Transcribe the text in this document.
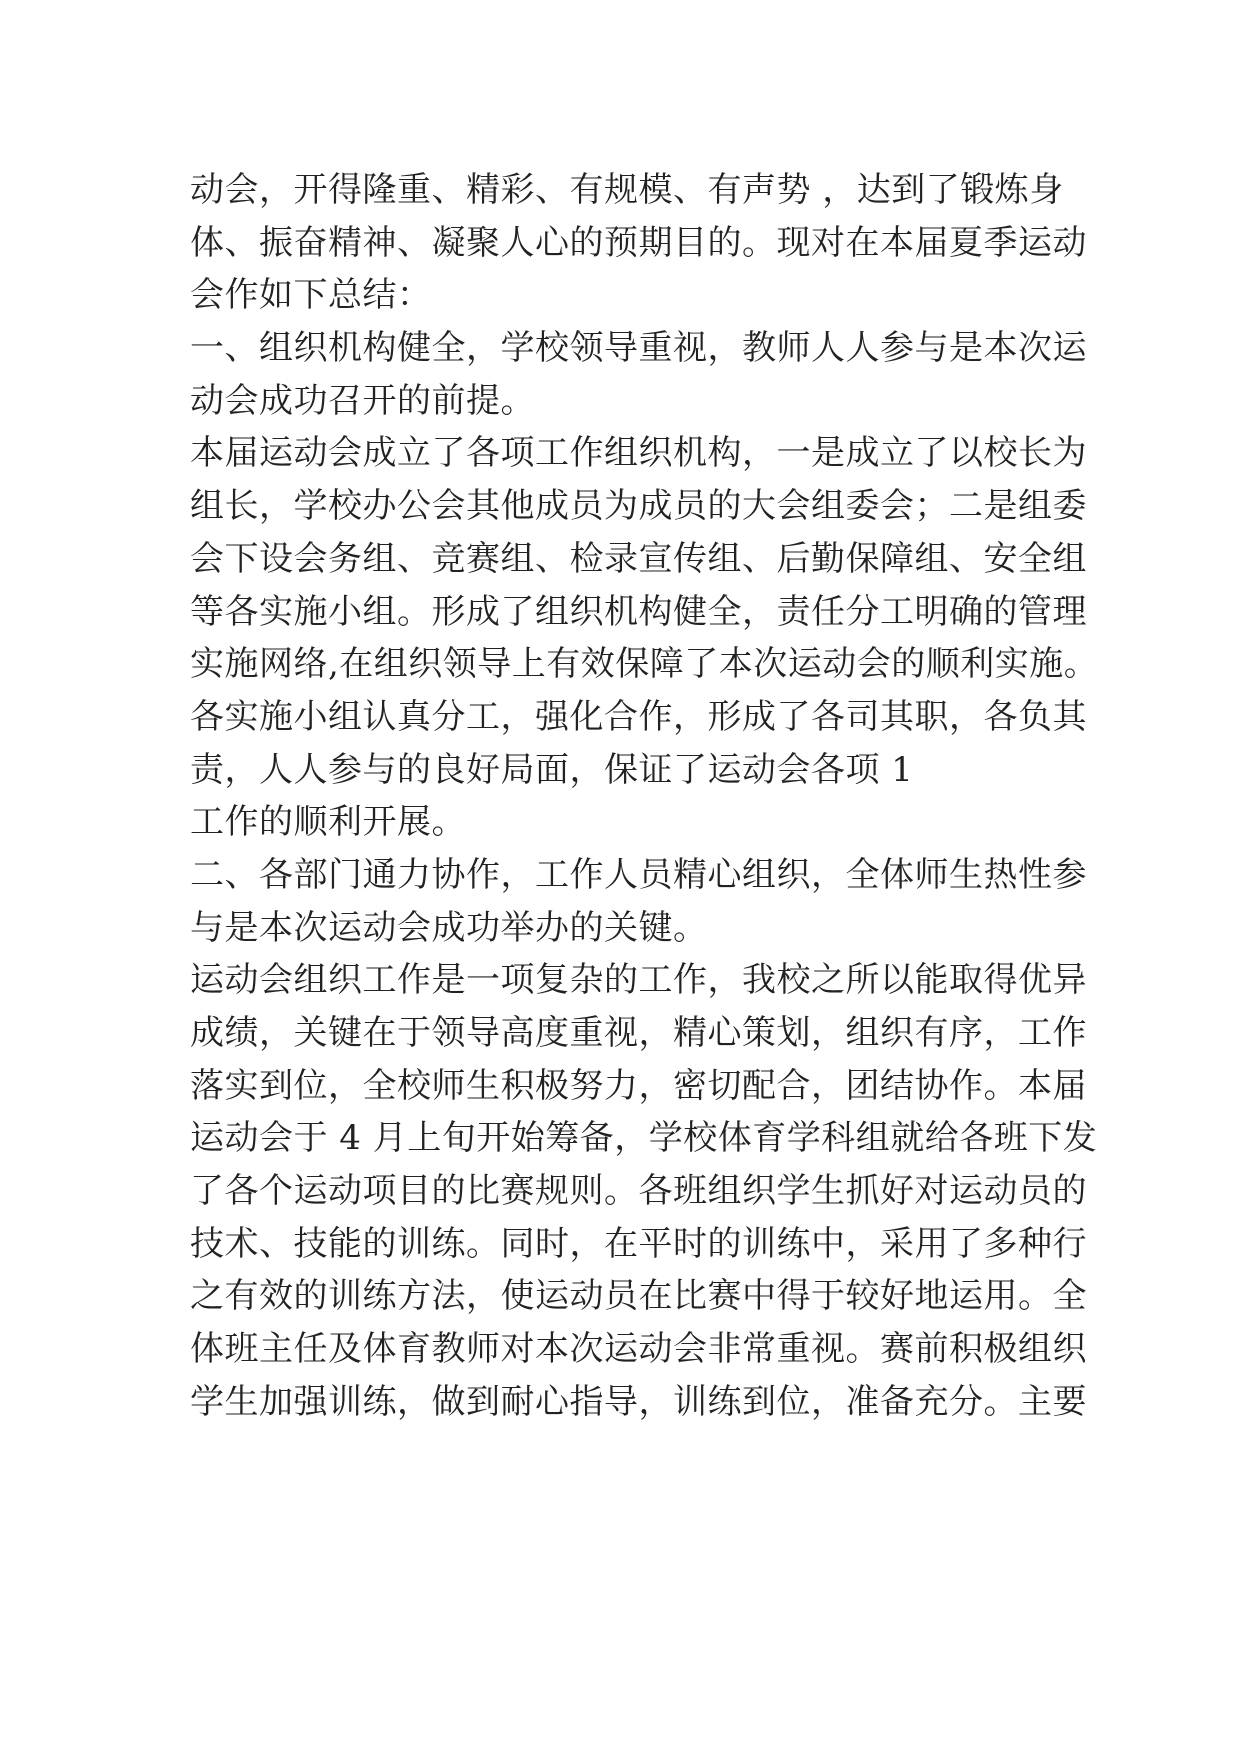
动会，开得隆重、精彩、有规模、有声势 ，达到了锻炼身
体、振奋精神、凝聚人心的预期目的。现对在本届夏季运动
会作如下总结：
一、组织机构健全，学校领导重视，教师人人参与是本次运
动会成功召开的前提。
本届运动会成立了各项工作组织机构，一是成立了以校长为
组长，学校办公会其他成员为成员的大会组委会；二是组委
会下设会务组、竞赛组、检录宣传组、后勤保障组、安全组
等各实施小组。形成了组织机构健全，责任分工明确的管理
实施网络,在组织领导上有效保障了本次运动会的顺利实施。
各实施小组认真分工，强化合作，形成了各司其职，各负其
责，人人参与的良好局面，保证了运动会各项 1
工作的顺利开展。
二、各部门通力协作，工作人员精心组织，全体师生热性参
与是本次运动会成功举办的关键。
运动会组织工作是一项复杂的工作，我校之所以能取得优异
成绩，关键在于领导高度重视，精心策划，组织有序，工作
落实到位，全校师生积极努力，密切配合，团结协作。本届
运动会于 4 月上旬开始筹备，学校体育学科组就给各班下发
了各个运动项目的比赛规则。各班组织学生抓好对运动员的
技术、技能的训练。同时，在平时的训练中，采用了多种行
之有效的训练方法，使运动员在比赛中得于较好地运用。全
体班主任及体育教师对本次运动会非常重视。赛前积极组织
学生加强训练，做到耐心指导，训练到位，准备充分。主要
